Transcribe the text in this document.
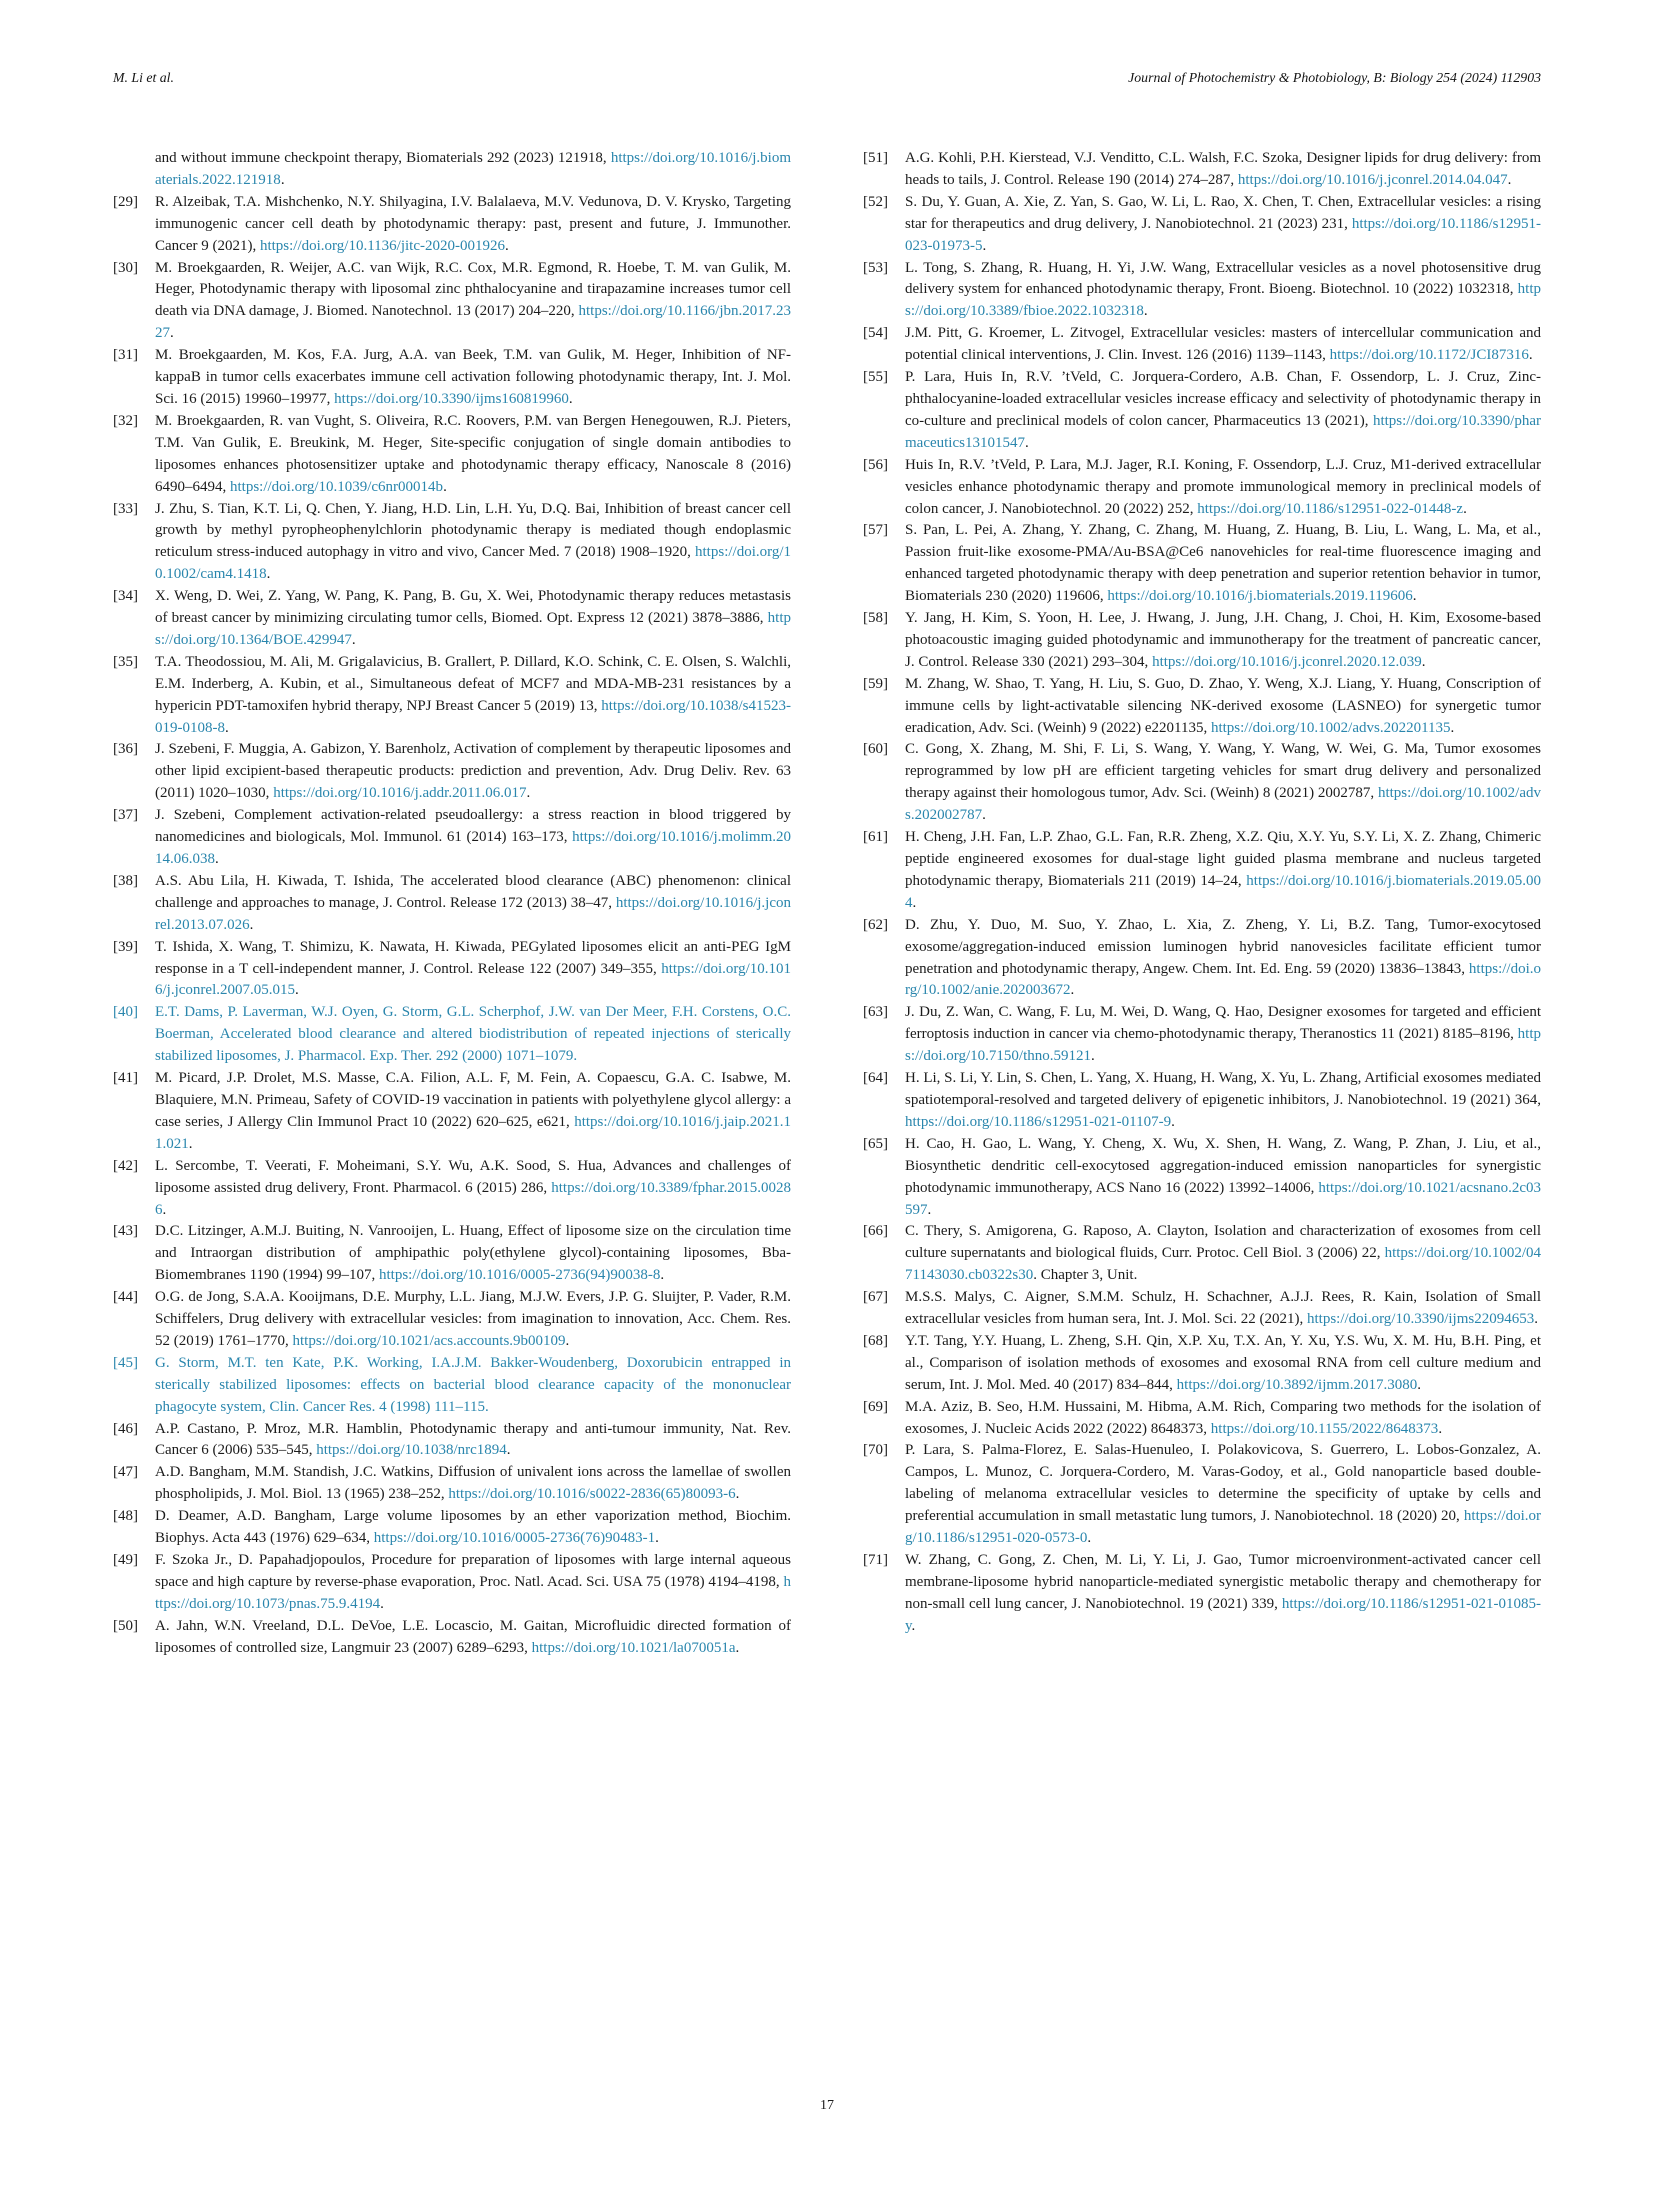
M. Li et al.	Journal of Photochemistry & Photobiology, B: Biology 254 (2024) 112903
and without immune checkpoint therapy, Biomaterials 292 (2023) 121918, https://doi.org/10.1016/j.biomaterials.2022.121918.
[29]	R. Alzeibak, T.A. Mishchenko, N.Y. Shilyagina, I.V. Balalaeva, M.V. Vedunova, D. V. Krysko, Targeting immunogenic cancer cell death by photodynamic therapy: past, present and future, J. Immunother. Cancer 9 (2021), https://doi.org/10.1136/jitc-2020-001926.
[30]	M. Broekgaarden, R. Weijer, A.C. van Wijk, R.C. Cox, M.R. Egmond, R. Hoebe, T. M. van Gulik, M. Heger, Photodynamic therapy with liposomal zinc phthalocyanine and tirapazamine increases tumor cell death via DNA damage, J. Biomed. Nanotechnol. 13 (2017) 204–220, https://doi.org/10.1166/jbn.2017.2327.
[31]	M. Broekgaarden, M. Kos, F.A. Jurg, A.A. van Beek, T.M. van Gulik, M. Heger, Inhibition of NF-kappaB in tumor cells exacerbates immune cell activation following photodynamic therapy, Int. J. Mol. Sci. 16 (2015) 19960–19977, https://doi.org/10.3390/ijms160819960.
[32]	M. Broekgaarden, R. van Vught, S. Oliveira, R.C. Roovers, P.M. van Bergen Henegouwen, R.J. Pieters, T.M. Van Gulik, E. Breukink, M. Heger, Site-specific conjugation of single domain antibodies to liposomes enhances photosensitizer uptake and photodynamic therapy efficacy, Nanoscale 8 (2016) 6490–6494, https://doi.org/10.1039/c6nr00014b.
[33]	J. Zhu, S. Tian, K.T. Li, Q. Chen, Y. Jiang, H.D. Lin, L.H. Yu, D.Q. Bai, Inhibition of breast cancer cell growth by methyl pyropheophenylchlorin photodynamic therapy is mediated though endoplasmic reticulum stress-induced autophagy in vitro and vivo, Cancer Med. 7 (2018) 1908–1920, https://doi.org/10.1002/cam4.1418.
[34]	X. Weng, D. Wei, Z. Yang, W. Pang, K. Pang, B. Gu, X. Wei, Photodynamic therapy reduces metastasis of breast cancer by minimizing circulating tumor cells, Biomed. Opt. Express 12 (2021) 3878–3886, https://doi.org/10.1364/BOE.429947.
[35]	T.A. Theodossiou, M. Ali, M. Grigalavicius, B. Grallert, P. Dillard, K.O. Schink, C. E. Olsen, S. Walchli, E.M. Inderberg, A. Kubin, et al., Simultaneous defeat of MCF7 and MDA-MB-231 resistances by a hypericin PDT-tamoxifen hybrid therapy, NPJ Breast Cancer 5 (2019) 13, https://doi.org/10.1038/s41523-019-0108-8.
[36]	J. Szebeni, F. Muggia, A. Gabizon, Y. Barenholz, Activation of complement by therapeutic liposomes and other lipid excipient-based therapeutic products: prediction and prevention, Adv. Drug Deliv. Rev. 63 (2011) 1020–1030, https://doi.org/10.1016/j.addr.2011.06.017.
[37]	J. Szebeni, Complement activation-related pseudoallergy: a stress reaction in blood triggered by nanomedicines and biologicals, Mol. Immunol. 61 (2014) 163–173, https://doi.org/10.1016/j.molimm.2014.06.038.
[38]	A.S. Abu Lila, H. Kiwada, T. Ishida, The accelerated blood clearance (ABC) phenomenon: clinical challenge and approaches to manage, J. Control. Release 172 (2013) 38–47, https://doi.org/10.1016/j.jconrel.2013.07.026.
[39]	T. Ishida, X. Wang, T. Shimizu, K. Nawata, H. Kiwada, PEGylated liposomes elicit an anti-PEG IgM response in a T cell-independent manner, J. Control. Release 122 (2007) 349–355, https://doi.org/10.1016/j.jconrel.2007.05.015.
[40]	E.T. Dams, P. Laverman, W.J. Oyen, G. Storm, G.L. Scherphof, J.W. van Der Meer, F.H. Corstens, O.C. Boerman, Accelerated blood clearance and altered biodistribution of repeated injections of sterically stabilized liposomes, J. Pharmacol. Exp. Ther. 292 (2000) 1071–1079.
[41]	M. Picard, J.P. Drolet, M.S. Masse, C.A. Filion, A.L. F, M. Fein, A. Copaescu, G.A. C. Isabwe, M. Blaquiere, M.N. Primeau, Safety of COVID-19 vaccination in patients with polyethylene glycol allergy: a case series, J Allergy Clin Immunol Pract 10 (2022) 620–625, e621, https://doi.org/10.1016/j.jaip.2021.11.021.
[42]	L. Sercombe, T. Veerati, F. Moheimani, S.Y. Wu, A.K. Sood, S. Hua, Advances and challenges of liposome assisted drug delivery, Front. Pharmacol. 6 (2015) 286, https://doi.org/10.3389/fphar.2015.00286.
[43]	D.C. Litzinger, A.M.J. Buiting, N. Vanrooijen, L. Huang, Effect of liposome size on the circulation time and Intraorgan distribution of amphipathic poly(ethylene glycol)-containing liposomes, Bba-Biomembranes 1190 (1994) 99–107, https://doi.org/10.1016/0005-2736(94)90038-8.
[44]	O.G. de Jong, S.A.A. Kooijmans, D.E. Murphy, L.L. Jiang, M.J.W. Evers, J.P. G. Sluijter, P. Vader, R.M. Schiffelers, Drug delivery with extracellular vesicles: from imagination to innovation, Acc. Chem. Res. 52 (2019) 1761–1770, https://doi.org/10.1021/acs.accounts.9b00109.
[45]	G. Storm, M.T. ten Kate, P.K. Working, I.A.J.M. Bakker-Woudenberg, Doxorubicin entrapped in sterically stabilized liposomes: effects on bacterial blood clearance capacity of the mononuclear phagocyte system, Clin. Cancer Res. 4 (1998) 111–115.
[46]	A.P. Castano, P. Mroz, M.R. Hamblin, Photodynamic therapy and anti-tumour immunity, Nat. Rev. Cancer 6 (2006) 535–545, https://doi.org/10.1038/nrc1894.
[47]	A.D. Bangham, M.M. Standish, J.C. Watkins, Diffusion of univalent ions across the lamellae of swollen phospholipids, J. Mol. Biol. 13 (1965) 238–252, https://doi.org/10.1016/s0022-2836(65)80093-6.
[48]	D. Deamer, A.D. Bangham, Large volume liposomes by an ether vaporization method, Biochim. Biophys. Acta 443 (1976) 629–634, https://doi.org/10.1016/0005-2736(76)90483-1.
[49]	F. Szoka Jr., D. Papahadjopoulos, Procedure for preparation of liposomes with large internal aqueous space and high capture by reverse-phase evaporation, Proc. Natl. Acad. Sci. USA 75 (1978) 4194–4198, https://doi.org/10.1073/pnas.75.9.4194.
[50]	A. Jahn, W.N. Vreeland, D.L. DeVoe, L.E. Locascio, M. Gaitan, Microfluidic directed formation of liposomes of controlled size, Langmuir 23 (2007) 6289–6293, https://doi.org/10.1021/la070051a.
[51]	A.G. Kohli, P.H. Kierstead, V.J. Venditto, C.L. Walsh, F.C. Szoka, Designer lipids for drug delivery: from heads to tails, J. Control. Release 190 (2014) 274–287, https://doi.org/10.1016/j.jconrel.2014.04.047.
[52]	S. Du, Y. Guan, A. Xie, Z. Yan, S. Gao, W. Li, L. Rao, X. Chen, T. Chen, Extracellular vesicles: a rising star for therapeutics and drug delivery, J. Nanobiotechnol. 21 (2023) 231, https://doi.org/10.1186/s12951-023-01973-5.
[53]	L. Tong, S. Zhang, R. Huang, H. Yi, J.W. Wang, Extracellular vesicles as a novel photosensitive drug delivery system for enhanced photodynamic therapy, Front. Bioeng. Biotechnol. 10 (2022) 1032318, https://doi.org/10.3389/fbioe.2022.1032318.
[54]	J.M. Pitt, G. Kroemer, L. Zitvogel, Extracellular vesicles: masters of intercellular communication and potential clinical interventions, J. Clin. Invest. 126 (2016) 1139–1143, https://doi.org/10.1172/JCI87316.
[55]	P. Lara, Huis In, R.V. ’tVeld, C. Jorquera-Cordero, A.B. Chan, F. Ossendorp, L. J. Cruz, Zinc-phthalocyanine-loaded extracellular vesicles increase efficacy and selectivity of photodynamic therapy in co-culture and preclinical models of colon cancer, Pharmaceutics 13 (2021), https://doi.org/10.3390/pharmaceutics13101547.
[56]	Huis In, R.V. ’tVeld, P. Lara, M.J. Jager, R.I. Koning, F. Ossendorp, L.J. Cruz, M1-derived extracellular vesicles enhance photodynamic therapy and promote immunological memory in preclinical models of colon cancer, J. Nanobiotechnol. 20 (2022) 252, https://doi.org/10.1186/s12951-022-01448-z.
[57]	S. Pan, L. Pei, A. Zhang, Y. Zhang, C. Zhang, M. Huang, Z. Huang, B. Liu, L. Wang, L. Ma, et al., Passion fruit-like exosome-PMA/Au-BSA@Ce6 nanovehicles for real-time fluorescence imaging and enhanced targeted photodynamic therapy with deep penetration and superior retention behavior in tumor, Biomaterials 230 (2020) 119606, https://doi.org/10.1016/j.biomaterials.2019.119606.
[58]	Y. Jang, H. Kim, S. Yoon, H. Lee, J. Hwang, J. Jung, J.H. Chang, J. Choi, H. Kim, Exosome-based photoacoustic imaging guided photodynamic and immunotherapy for the treatment of pancreatic cancer, J. Control. Release 330 (2021) 293–304, https://doi.org/10.1016/j.jconrel.2020.12.039.
[59]	M. Zhang, W. Shao, T. Yang, H. Liu, S. Guo, D. Zhao, Y. Weng, X.J. Liang, Y. Huang, Conscription of immune cells by light-activatable silencing NK-derived exosome (LASNEO) for synergetic tumor eradication, Adv. Sci. (Weinh) 9 (2022) e2201135, https://doi.org/10.1002/advs.202201135.
[60]	C. Gong, X. Zhang, M. Shi, F. Li, S. Wang, Y. Wang, Y. Wang, W. Wei, G. Ma, Tumor exosomes reprogrammed by low pH are efficient targeting vehicles for smart drug delivery and personalized therapy against their homologous tumor, Adv. Sci. (Weinh) 8 (2021) 2002787, https://doi.org/10.1002/advs.202002787.
[61]	H. Cheng, J.H. Fan, L.P. Zhao, G.L. Fan, R.R. Zheng, X.Z. Qiu, X.Y. Yu, S.Y. Li, X. Z. Zhang, Chimeric peptide engineered exosomes for dual-stage light guided plasma membrane and nucleus targeted photodynamic therapy, Biomaterials 211 (2019) 14–24, https://doi.org/10.1016/j.biomaterials.2019.05.004.
[62]	D. Zhu, Y. Duo, M. Suo, Y. Zhao, L. Xia, Z. Zheng, Y. Li, B.Z. Tang, Tumor-exocytosed exosome/aggregation-induced emission luminogen hybrid nanovesicles facilitate efficient tumor penetration and photodynamic therapy, Angew. Chem. Int. Ed. Eng. 59 (2020) 13836–13843, https://doi.org/10.1002/anie.202003672.
[63]	J. Du, Z. Wan, C. Wang, F. Lu, M. Wei, D. Wang, Q. Hao, Designer exosomes for targeted and efficient ferroptosis induction in cancer via chemo-photodynamic therapy, Theranostics 11 (2021) 8185–8196, https://doi.org/10.7150/thno.59121.
[64]	H. Li, S. Li, Y. Lin, S. Chen, L. Yang, X. Huang, H. Wang, X. Yu, L. Zhang, Artificial exosomes mediated spatiotemporal-resolved and targeted delivery of epigenetic inhibitors, J. Nanobiotechnol. 19 (2021) 364, https://doi.org/10.1186/s12951-021-01107-9.
[65]	H. Cao, H. Gao, L. Wang, Y. Cheng, X. Wu, X. Shen, H. Wang, Z. Wang, P. Zhan, J. Liu, et al., Biosynthetic dendritic cell-exocytosed aggregation-induced emission nanoparticles for synergistic photodynamic immunotherapy, ACS Nano 16 (2022) 13992–14006, https://doi.org/10.1021/acsnano.2c03597.
[66]	C. Thery, S. Amigorena, G. Raposo, A. Clayton, Isolation and characterization of exosomes from cell culture supernatants and biological fluids, Curr. Protoc. Cell Biol. 3 (2006) 22, https://doi.org/10.1002/0471143030.cb0322s30. Chapter 3, Unit.
[67]	M.S.S. Malys, C. Aigner, S.M.M. Schulz, H. Schachner, A.J.J. Rees, R. Kain, Isolation of Small extracellular vesicles from human sera, Int. J. Mol. Sci. 22 (2021), https://doi.org/10.3390/ijms22094653.
[68]	Y.T. Tang, Y.Y. Huang, L. Zheng, S.H. Qin, X.P. Xu, T.X. An, Y. Xu, Y.S. Wu, X. M. Hu, B.H. Ping, et al., Comparison of isolation methods of exosomes and exosomal RNA from cell culture medium and serum, Int. J. Mol. Med. 40 (2017) 834–844, https://doi.org/10.3892/ijmm.2017.3080.
[69]	M.A. Aziz, B. Seo, H.M. Hussaini, M. Hibma, A.M. Rich, Comparing two methods for the isolation of exosomes, J. Nucleic Acids 2022 (2022) 8648373, https://doi.org/10.1155/2022/8648373.
[70]	P. Lara, S. Palma-Florez, E. Salas-Huenuleo, I. Polakovicova, S. Guerrero, L. Lobos-Gonzalez, A. Campos, L. Munoz, C. Jorquera-Cordero, M. Varas-Godoy, et al., Gold nanoparticle based double-labeling of melanoma extracellular vesicles to determine the specificity of uptake by cells and preferential accumulation in small metastatic lung tumors, J. Nanobiotechnol. 18 (2020) 20, https://doi.org/10.1186/s12951-020-0573-0.
[71]	W. Zhang, C. Gong, Z. Chen, M. Li, Y. Li, J. Gao, Tumor microenvironment-activated cancer cell membrane-liposome hybrid nanoparticle-mediated synergistic metabolic therapy and chemotherapy for non-small cell lung cancer, J. Nanobiotechnol. 19 (2021) 339, https://doi.org/10.1186/s12951-021-01085-y.
17
